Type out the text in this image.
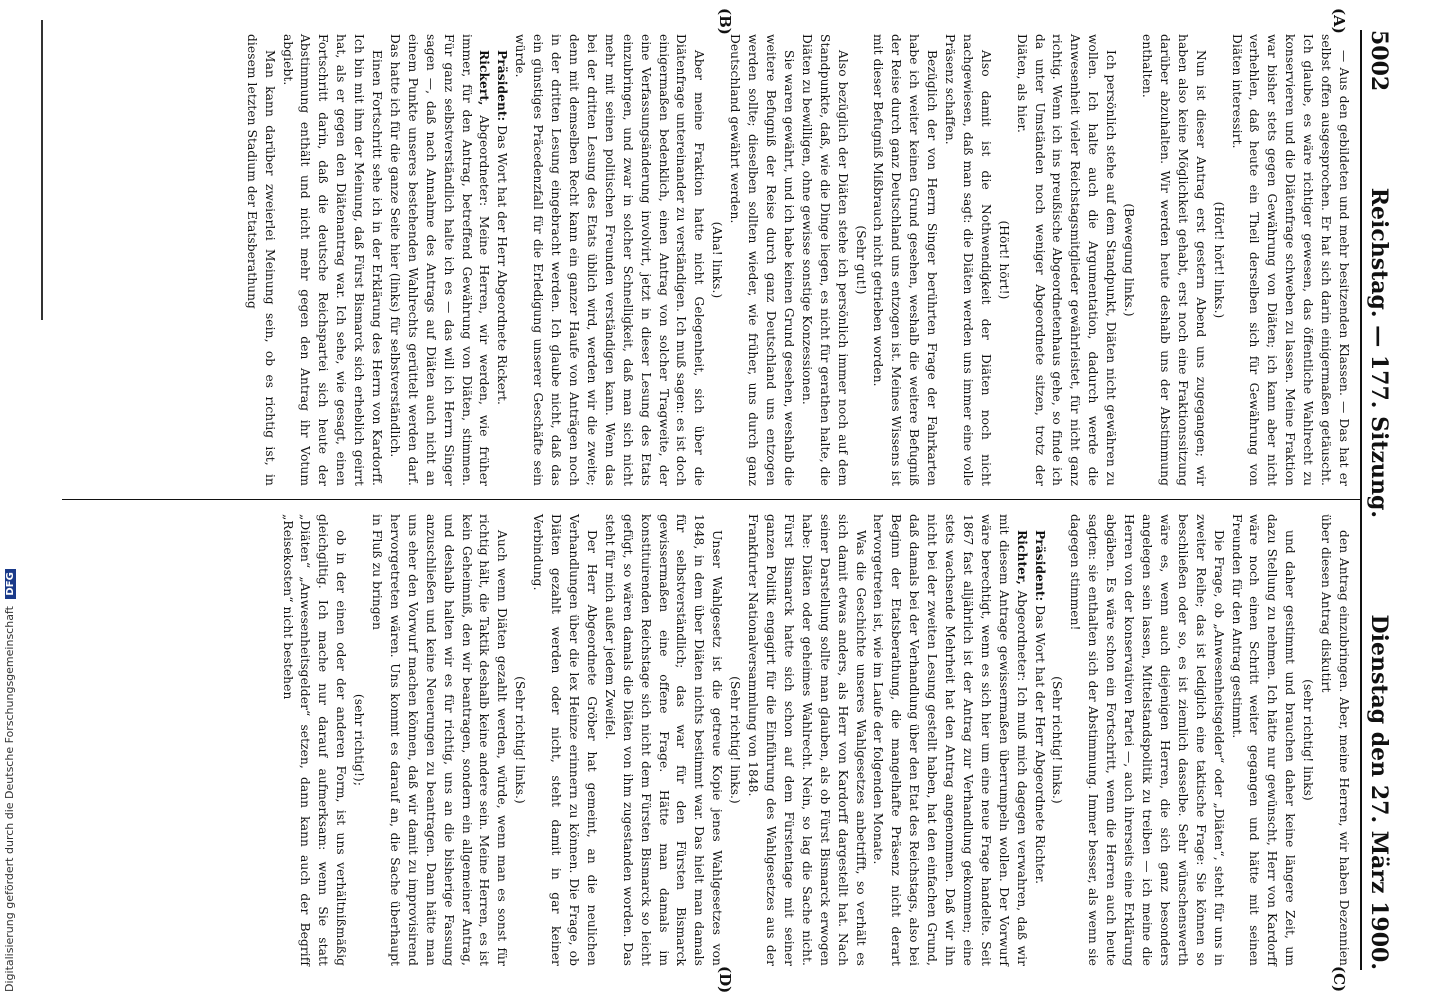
5002
Reichstag. — 177. Sitzung.
Dienstag den 27. März 1900.
(A)
(B)
(C)
(D)

— Aus den gebildeten und mehr besitzenden Klassen. — Das hat er selbst offen ausgesprochen. Er hat sich darin einigermaßen getäuscht. Ich glaube, es wäre richtiger gewesen, das öffentliche Wahlrecht zu konservieren und die Diätenfrage schweben zu lassen. Meine Fraktion war bisher stets gegen Gewährung von Diäten; ich kann aber nicht verhehlen, daß heute ein Theil derselben sich für Gewährung von Diäten interessirt.

(Hört! hört! links.)

Nun ist dieser Antrag erst gestern Abend uns zugegangen; wir haben also keine Möglichkeit gehabt, erst noch eine Fraktionssitzung darüber abzuhalten. Wir werden heute deshalb uns der Abstimmung enthalten.

(Bewegung links.)

Ich persönlich stehe auf dem Standpunkt, Diäten nicht gewähren zu wollen. Ich halte auch die Argumentation, dadurch werde die Anwesenheit vieler Reichstagsmitglieder gewährleistet, für nicht ganz richtig. Wenn ich ins preußische Abgeordnetenhaus gehe, so finde ich da unter Umständen noch weniger Abgeordnete sitzen, trotz der Diäten, als hier.

(Hört! hört!)

Also damit ist die Nothwendigkeit der Diäten noch nicht nachgewiesen, daß man sagt: die Diäten werden uns immer eine volle Präsenz schaffen.

Bezüglich der von Herrn Singer berührten Frage der Fahrkarten habe ich weiter keinen Grund gesehen, weshalb die weitere Befugniß der Reise durch ganz Deutschland uns entzogen ist. Meines Wissens ist mit dieser Befugniß Mißbrauch nicht getrieben worden.

(Sehr gut!)

Also bezüglich der Diäten stehe ich persönlich immer noch auf dem Standpunkte, daß, wie die Dinge liegen, es nicht für gerathen halte, die Diäten zu bewilligen, ohne gewisse sonstige Konzessionen.

Sie waren gewährt, und ich habe keinen Grund gesehen, weshalb die weitere Befugniß der Reise durch ganz Deutschland uns entzogen werden sollte; dieselben sollten wieder, wie früher, uns durch ganz Deutschland gewährt werden.

(Aha! links.)

Aber meine Fraktion hatte nicht Gelegenheit, sich über die Diätenfrage untereinander zu verständigen. Ich muß sagen: es ist doch einigermaßen bedenklich, einen Antrag von solcher Tragweite, der eine Verfassungsänderung involvirt, jetzt in dieser Lesung des Etats einzubringen, und zwar in solcher Schnelligkeit, daß man sich nicht mehr mit seinen politischen Freunden verständigen kann. Wenn das bei der dritten Lesung des Etats üblich wird, werden wir die zweite; denn mit demselben Recht kann ein ganzer Haufe von Anträgen noch in der dritten Lesung eingebracht werden. Ich glaube nicht, daß das ein günstiges Präcedenzfall für die Erledigung unserer Geschäfte sein würde.

Präsident: Das Wort hat der Herr Abgeordnete Rickert.

Rickert, Abgeordneter: Meine Herren, wir werden, wie früher immer, für den Antrag, betreffend Gewährung von Diäten, stimmen. Für ganz selbstverständlich halte ich es — das will ich Herrn Singer sagen —, daß nach Annahme des Antrags auf Diäten auch nicht an einem Punkte unseres bestehenden Wahlrechts gerüttelt werden darf. Das hatte ich für die ganze Seite hier (links) für selbstverständlich.

Einen Fortschritt sehe ich in der Erklärung des Herrn von Kardorff. Ich bin mit ihm der Meinung, daß Fürst Bismarck sich erheblich geirrt hat, als er gegen den Diätenantrag war. Ich sehe, wie gesagt, einen Fortschritt darin, daß die deutsche Reichspartei sich heute der Abstimmung enthält und nicht mehr gegen den Antrag ihr Votum abgiebt.

Man kann darüber zweierlei Meinung sein, ob es richtig ist, in diesem letzten Stadium der Etatsberathung

den Antrag einzubringen. Aber, meine Herren, wir haben Dezennien über diesen Antrag diskutirt

(sehr richtig! links)

und daher gestimmt und brauchen daher keine längere Zeit, um dazu Stellung zu nehmen. Ich hätte nur gewünscht, Herr von Kardorff wäre noch einen Schritt weiter gegangen und hätte mit seinen Freunden für den Antrag gestimmt.

Die Frage, ob „Anwesenheitsgelder“ oder „Diäten“, steht für uns in zweiter Reihe; das ist lediglich eine taktische Frage: Sie können so beschließen oder so, es ist ziemlich dasselbe. Sehr wünschenswerth wäre es, wenn auch diejenigen Herren, die sich ganz besonders angelegen sein lassen, Mittelstandspolitik zu treiben — ich meine die Herren von der konservativen Partei —, auch ihrerseits eine Erklärung abgäben. Es wäre schon ein Fortschritt, wenn die Herren auch heute sagten: sie enthalten sich der Abstimmung. Immer besser, als wenn sie dagegen stimmen!

(Sehr richtig! links.)

Präsident: Das Wort hat der Herr Abgeordnete Richter.

Richter, Abgeordneter: Ich muß mich dagegen verwahren, daß wir mit diesem Antrage gewissermaßen überrumpeln wollen. Der Vorwurf wäre berechtigt, wenn es sich hier um eine neue Frage handelte. Seit 1867 fast alljährlich ist der Antrag zur Verhandlung gekommen; eine stets wachsende Mehrheit hat den Antrag angenommen. Daß wir ihn nicht bei der zweiten Lesung gestellt haben, hat den einfachen Grund, daß damals bei der Verhandlung über den Etat des Reichstags, also bei Beginn der Etatsberathung, die mangelhafte Präsenz nicht derart hervorgetreten ist, wie im Laufe der folgenden Monate.

Was die Geschichte unseres Wahlgesetzes anbetrifft, so verhält es sich damit etwas anders, als Herr von Kardorff dargestellt hat. Nach seiner Darstellung sollte man glauben, als ob Fürst Bismarck erwogen habe: Diäten oder geheimes Wahlrecht. Nein, so lag die Sache nicht. Fürst Bismarck hatte sich schon auf dem Fürstentage mit seiner ganzen Politik engagirt für die Einführung des Wahlgesetzes aus der Frankfurter Nationalversammlung von 1848.

(Sehr richtig! links.)

Unser Wahlgesetz ist die getreue Kopie jenes Wahlgesetzes von 1848, in dem über Diäten nichts bestimmt war. Das hielt man damals für selbstverständlich; das war für den Fürsten Bismarck gewissermaßen eine offene Frage. Hätte man damals im konstituirenden Reichstage sich nicht dem Fürsten Bismarck so leicht gefügt, so wären damals die Diäten von ihm zugestanden worden. Das steht für mich außer jedem Zweifel.

Der Herr Abgeordnete Gröber hat gemeint, an die neulichen Verhandlungen über die lex Heinze erinnern zu können. Die Frage, ob Diäten gezahlt werden oder nicht, steht damit in gar keiner Verbindung.

(Sehr richtig! links.)

Auch wenn Diäten gezahlt werden, würde, wenn man es sonst für richtig hält, die Taktik deshalb keine andere sein. Meine Herren, es ist kein Geheimniß, den wir beantragen, sondern ein allgemeiner Antrag, und deshalb halten wir es für richtig, uns an die bisherige Fassung anzuschließen und keine Neuerungen zu beantragen. Dann hätte man uns eher den Vorwurf machen können, daß wir damit zu improvisirend hervorgetreten wären. Uns kommt es darauf an, die Sache überhaupt in Fluß zu bringen

(sehr richtig!);

ob in der einen oder der anderen Form, ist uns verhältnißmäßig gleichgiltig. Ich mache nur darauf aufmerksam: wenn Sie statt „Diäten“ „Anwesenheitsgelder“ setzen, dann kann auch der Begriff „Reisekosten“ nicht bestehen

Digitalisierung gefördert durch die Deutsche Forschungsgemeinschaft DFG
